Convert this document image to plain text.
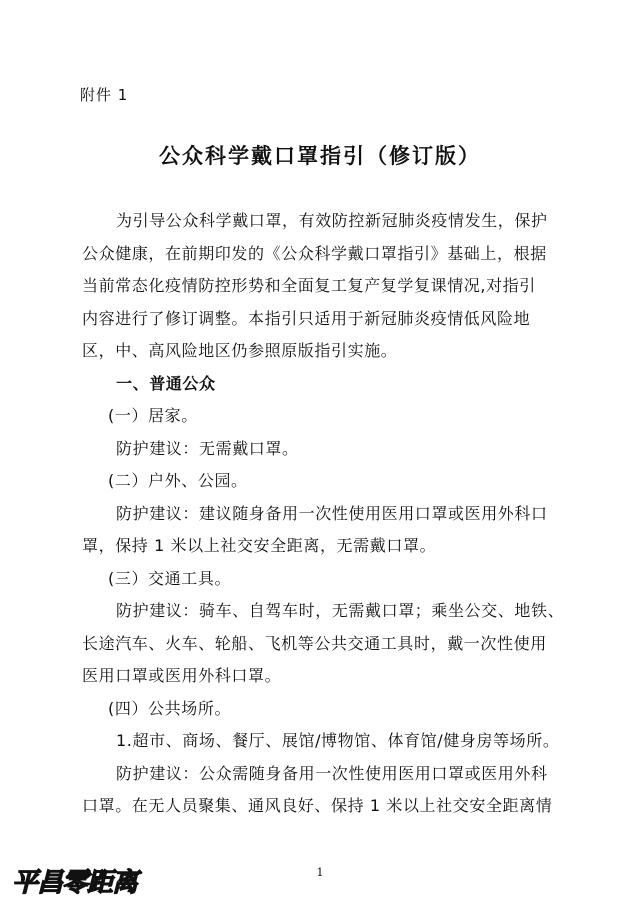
附件 1
公众科学戴口罩指引（修订版）
为引导公众科学戴口罩，有效防控新冠肺炎疫情发生，保护
公众健康，在前期印发的《公众科学戴口罩指引》基础上，根据
当前常态化疫情防控形势和全面复工复产复学复课情况,对指引
内容进行了修订调整。本指引只适用于新冠肺炎疫情低风险地
区，中、高风险地区仍参照原版指引实施。
一、普通公众
(一）居家。
防护建议：无需戴口罩。
(二）户外、公园。
防护建议：建议随身备用一次性使用医用口罩或医用外科口
罩，保持 1 米以上社交安全距离，无需戴口罩。
(三）交通工具。
防护建议：骑车、自驾车时，无需戴口罩；乘坐公交、地铁、
长途汽车、火车、轮船、飞机等公共交通工具时，戴一次性使用
医用口罩或医用外科口罩。
(四）公共场所。
1.超市、商场、餐厅、展馆/博物馆、体育馆/健身房等场所。
防护建议：公众需随身备用一次性使用医用口罩或医用外科
口罩。在无人员聚集、通风良好、保持 1 米以上社交安全距离情
1
平昌零距离
